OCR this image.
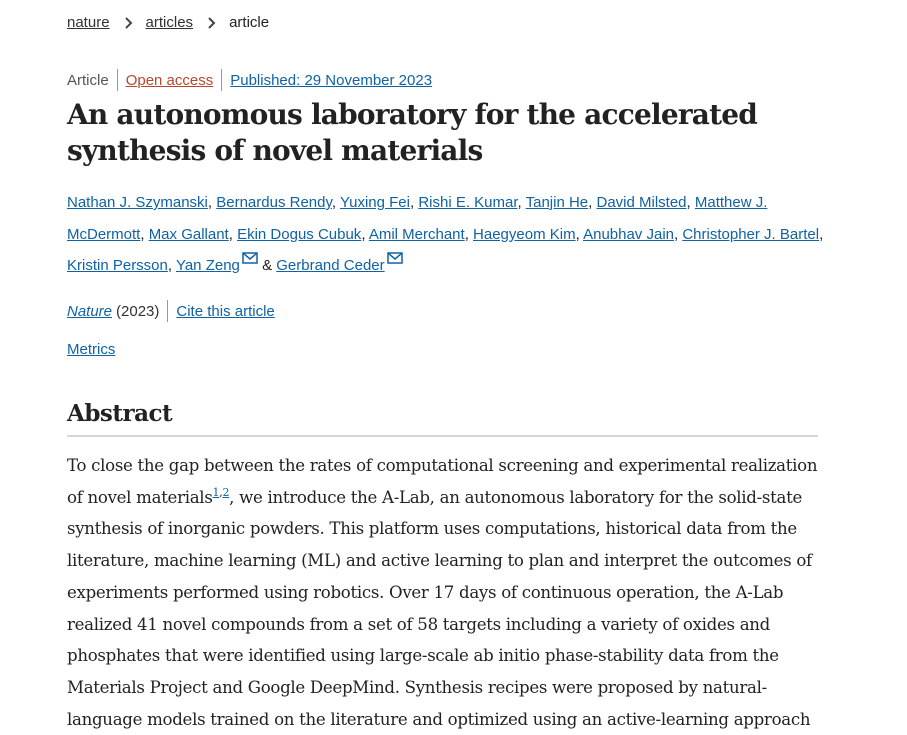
nature articles article
Article Open access Published: 29 November 2023
An autonomous laboratory for the accelerated
synthesis of novel materials
Nathan J. Szymanski, Bernardus Rendy, Yuxing Fei, Rishi E. Kumar, Tanjin He, David Milsted, Matthew J. McDermott, Max Gallant, Ekin Dogus Cubuk, Amil Merchant, Haegyeom Kim, Anubhav Jain, Christopher J. Bartel, Kristin Persson, Yan Zeng & Gerbrand Ceder
Nature (2023) Cite this article
Metrics
Abstract
To close the gap between the rates of computational screening and experimental realization
of novel materials$^{1,2}$, we introduce the A-Lab, an autonomous laboratory for the solid-state
synthesis of inorganic powders. This platform uses computations, historical data from the
literature, machine learning (ML) and active learning to plan and interpret the outcomes of
experiments performed using robotics. Over 17 days of continuous operation, the A-Lab
realized 41 novel compounds from a set of 58 targets including a variety of oxides and
phosphates that were identified using large-scale ab initio phase-stability data from the
Materials Project and Google DeepMind. Synthesis recipes were proposed by natural-
language models trained on the literature and optimized using an active-learning approach
